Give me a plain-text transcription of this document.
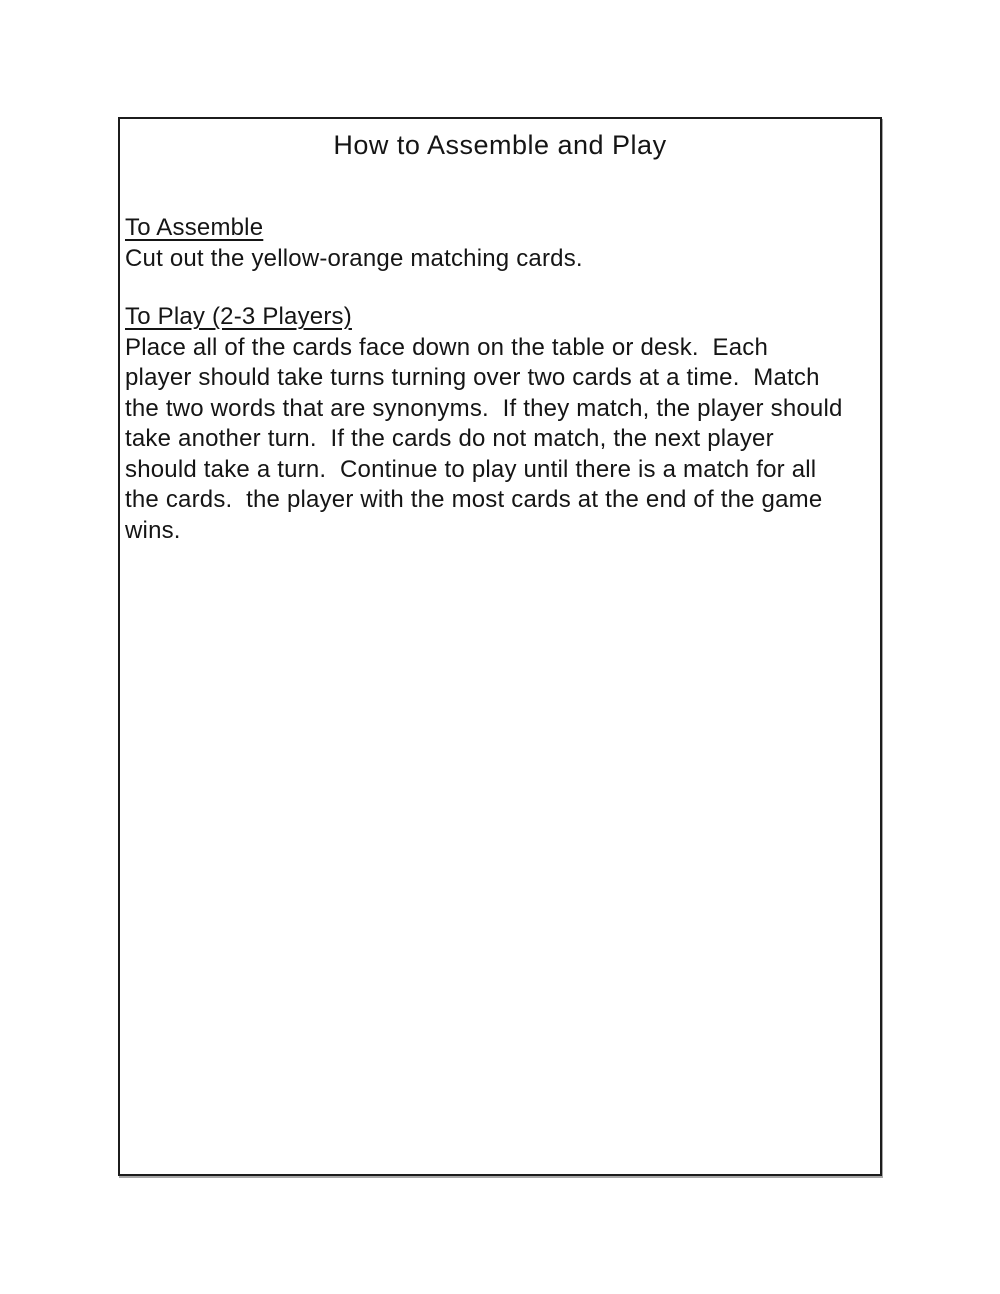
How to Assemble and Play
To Assemble
Cut out the yellow-orange matching cards.
To Play (2-3 Players)
Place all of the cards face down on the table or desk.  Each
player should take turns turning over two cards at a time.  Match
the two words that are synonyms.  If they match, the player should
take another turn.  If the cards do not match, the next player
should take a turn.  Continue to play until there is a match for all
the cards.  the player with the most cards at the end of the game
wins.
